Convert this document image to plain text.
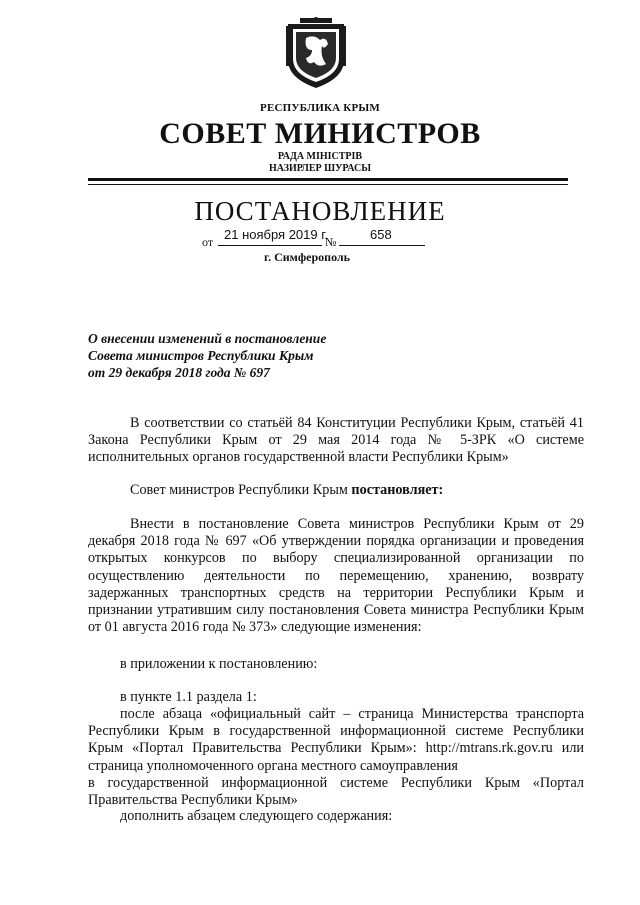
РЕСПУБЛИКА КРЫМ
СОВЕТ МИНИСТРОВ
РАДА МІНІСТРІВ
НАЗИРЛЕР ШУРАСЫ
ПОСТАНОВЛЕНИЕ
от 21 ноября 2019 г.
№	658
г. Симферополь
О внесении изменений в постановление
Совета министров Республики Крым
от 29 декабря 2018 года № 697
В соответствии со статьёй 84 Конституции Республики Крым, статьёй 41 Закона Республики Крым от 29 мая 2014 года № 5-ЗРК «О системе исполнительных органов государственной власти Республики Крым»
Совет министров Республики Крым постановляет:
Внести в постановление Совета министров Республики Крым от 29 декабря 2018 года № 697 «Об утверждении порядка организации и проведения открытых конкурсов по выбору специализированной организации по осуществлению деятельности по перемещению, хранению, возврату задержанных транспортных средств на территории Республики Крым и признании утратившим силу постановления Совета министра Республики Крым от 01 августа 2016 года № 373» следующие изменения:
в приложении к постановлению:
в пункте 1.1 раздела 1:
после абзаца «официальный сайт – страница Министерства транспорта Республики Крым в государственной информационной системе Республики Крым «Портал Правительства Республики Крым»: http://mtrans.rk.gov.ru или страница уполномоченного органа местного самоуправления
в государственной информационной системе Республики Крым «Портал Правительства Республики Крым»
дополнить абзацем следующего содержания:
